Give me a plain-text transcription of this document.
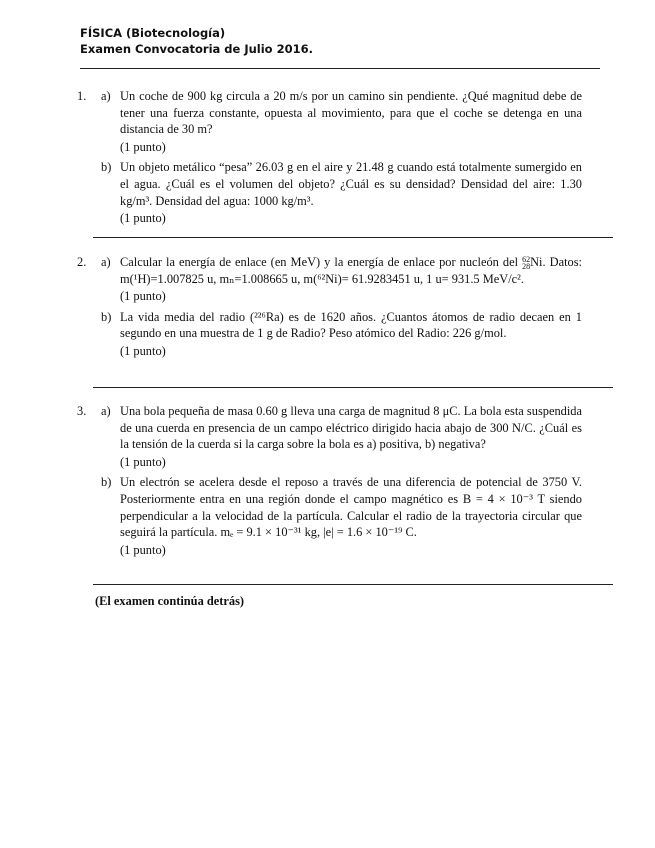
FÍSICA (Biotecnología)
Examen Convocatoria de Julio 2016.
1. a) Un coche de 900 kg circula a 20 m/s por un camino sin pendiente. ¿Qué magnitud debe de tener una fuerza constante, opuesta al movimiento, para que el coche se detenga en una distancia de 30 m?
(1 punto)
b) Un objeto metálico “pesa” 26.03 g en el aire y 21.48 g cuando está totalmente sumergido en el agua. ¿Cuál es el volumen del objeto? ¿Cuál es su densidad? Densidad del aire: 1.30 kg/m³. Densidad del agua: 1000 kg/m³.
(1 punto)
2. a) Calcular la energía de enlace (en MeV) y la energía de enlace por nucleón del 62
28 Ni. Datos: m(¹H)=1.007825 u, mₙ=1.008665 u, m(⁶²Ni)= 61.9283451 u, 1 u= 931.5 MeV/c².
(1 punto)
b) La vida media del radio (²²⁶Ra) es de 1620 años. ¿Cuantos átomos de radio decaen en 1 segundo en una muestra de 1 g de Radio? Peso atómico del Radio: 226 g/mol.
(1 punto)
3. a) Una bola pequeña de masa 0.60 g lleva una carga de magnitud 8 μC. La bola esta suspendida de una cuerda en presencia de un campo eléctrico dirigido hacia abajo de 300 N/C. ¿Cuál es la tensión de la cuerda si la carga sobre la bola es a) positiva, b) negativa?
(1 punto)
b) Un electrón se acelera desde el reposo a través de una diferencia de potencial de 3750 V. Posteriormente entra en una región donde el campo magnético es B = 4 × 10⁻³ T siendo perpendicular a la velocidad de la partícula. Calcular el radio de la trayectoria circular que seguirá la partícula. mₑ = 9.1 × 10⁻³¹ kg, |e| = 1.6 × 10⁻¹⁹ C.
(1 punto)
(El examen continúa detrás)
